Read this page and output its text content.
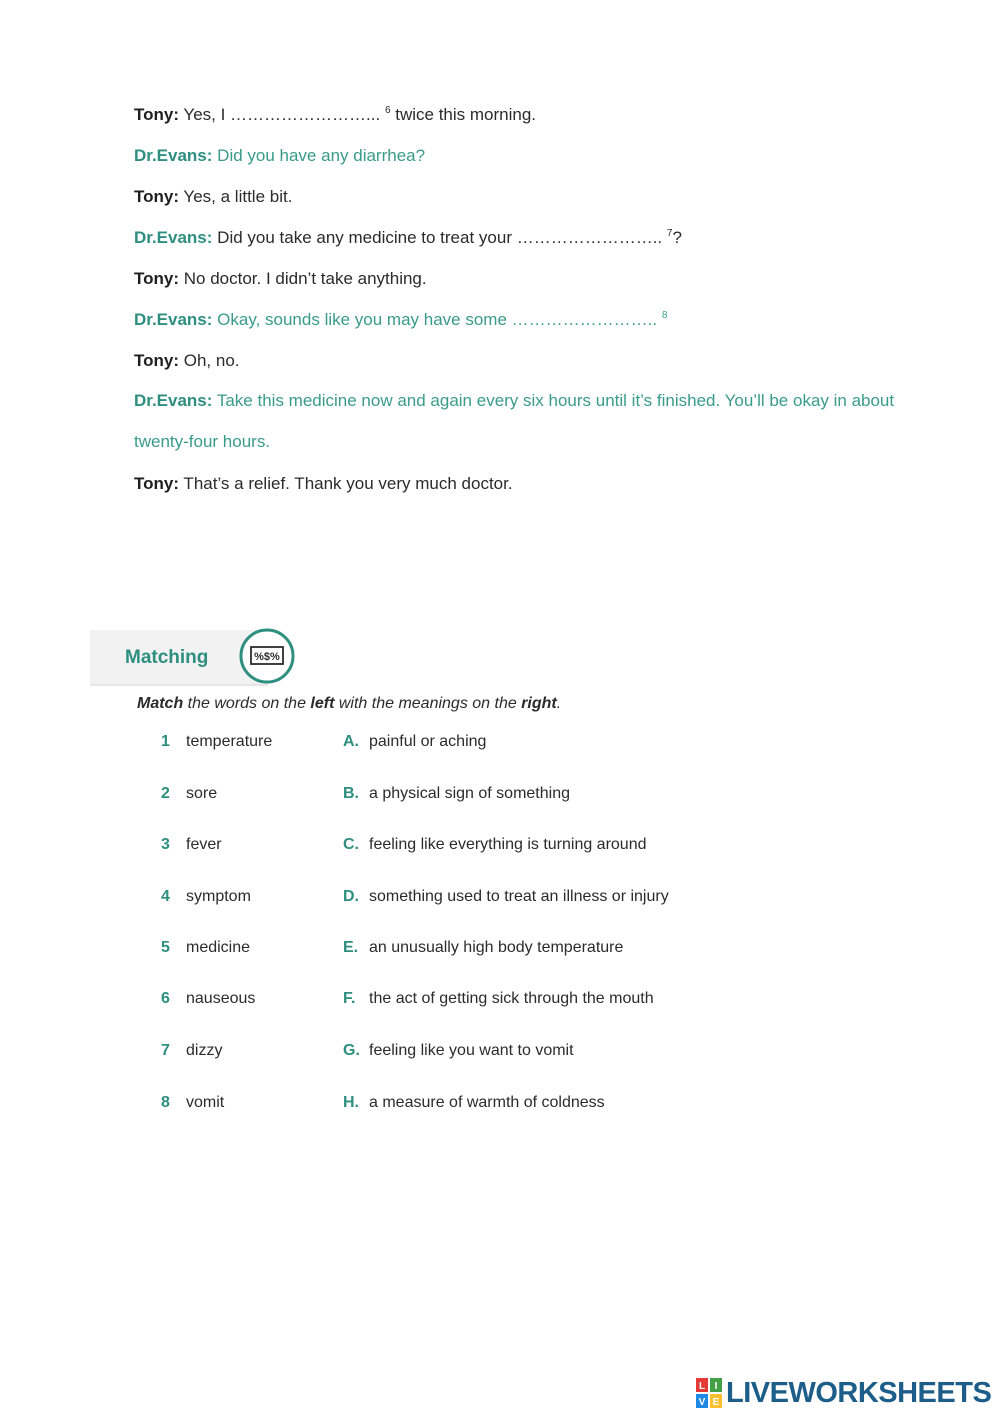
Tony: Yes, I ……………………... $^6$ twice this morning.
Dr.Evans: Did you have any diarrhea?
Tony: Yes, a little bit.
Dr.Evans: Did you take any medicine to treat your …………………….. $^7$?
Tony: No doctor. I didn’t take anything.
Dr.Evans: Okay, sounds like you may have some …………………….. $^8$
Tony: Oh, no.
Dr.Evans: Take this medicine now and again every six hours until it’s finished. You’ll be okay in about twenty-four hours.
Tony: That’s a relief. Thank you very much doctor.
Matching	%$%
Match the words on the left with the meanings on the right.
1 temperature	A. painful or aching
2 sore	B. a physical sign of something
3 fever	C. feeling like everything is turning around
4 symptom	D. something used to treat an illness or injury
5 medicine	E. an unusually high body temperature
6 nauseous	F. the act of getting sick through the mouth
7 dizzy	G. feeling like you want to vomit
8 vomit	H. a measure of warmth of coldness
L I
V E LIVEWORKSHEETS
